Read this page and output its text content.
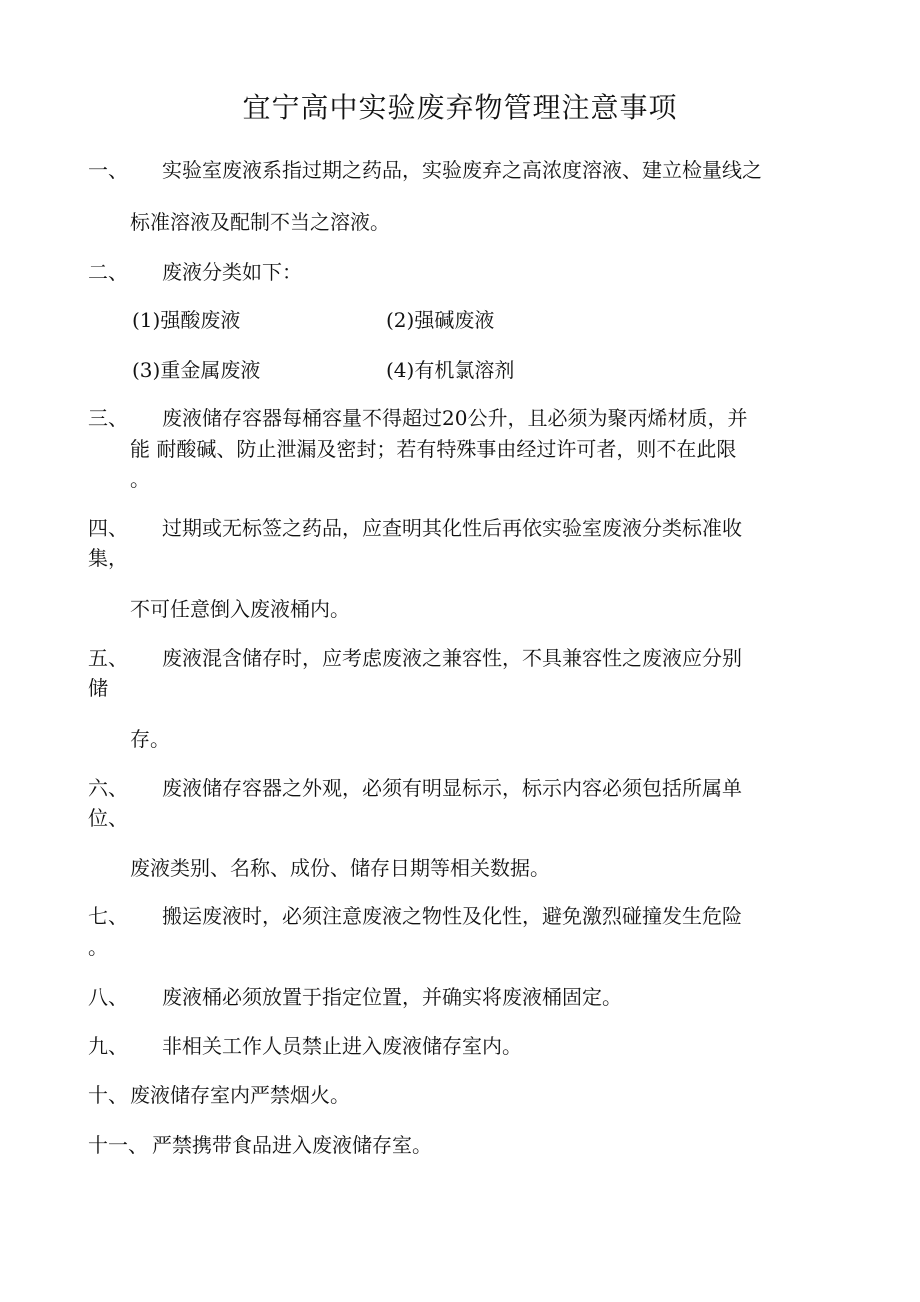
宜宁高中实验废弃物管理注意事项
一、 实验室废液系指过期之药品，实验废弃之高浓度溶液、建立检量线之
标准溶液及配制不当之溶液。
二、 废液分类如下：
(1)强酸废液	(2)强碱废液
(3)重金属废液	(4)有机氯溶剂
三、 废液储存容器每桶容量不得超过20公升，且必须为聚丙烯材质，并
能 耐酸碱、防止泄漏及密封；若有特殊事由经过许可者，则不在此限
。
四、 过期或无标签之药品，应查明其化性后再依实验室废液分类标准收
集，
不可任意倒入废液桶内。
五、 废液混含储存时，应考虑废液之兼容性，不具兼容性之废液应分别
储
存。
六、 废液储存容器之外观，必须有明显标示，标示内容必须包括所属单
位、
废液类别、名称、成份、储存日期等相关数据。
七、 搬运废液时，必须注意废液之物性及化性，避免激烈碰撞发生危险
。
八、 废液桶必须放置于指定位置，并确实将废液桶固定。
九、 非相关工作人员禁止进入废液储存室内。
十、 废液储存室内严禁烟火。
十一、 严禁携带食品进入废液储存室。
